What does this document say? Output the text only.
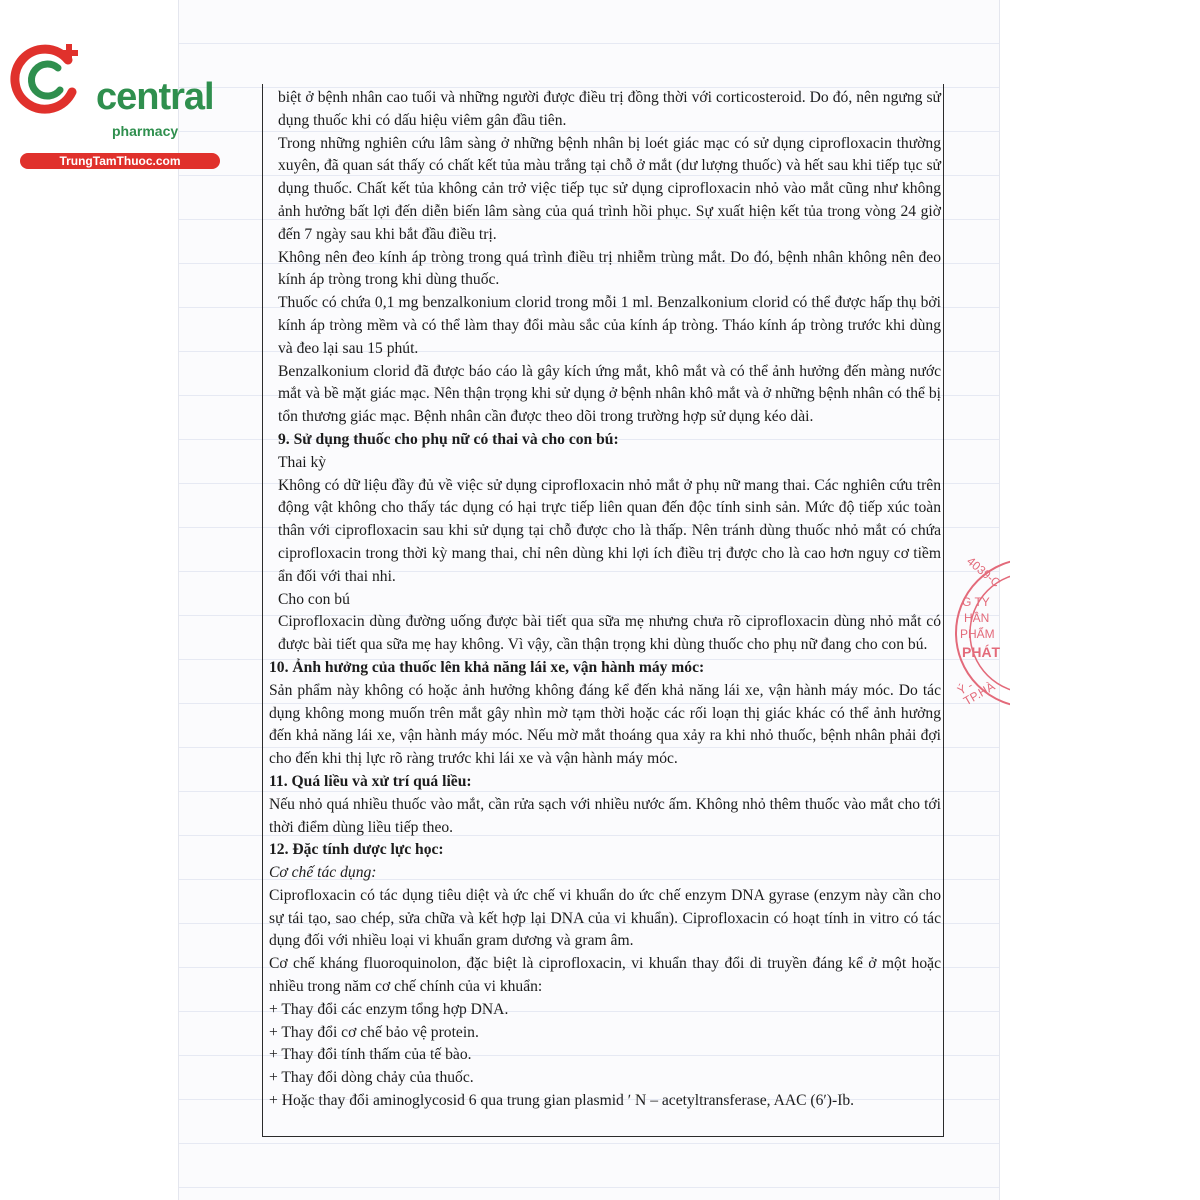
central
pharmacy
TrungTamThuoc.com
4039-C
G TY
HẦN
PHẨM
PHÁT
Ý - TP.HÀ

biệt ở bệnh nhân cao tuổi và những người được điều trị đồng thời với corticosteroid. Do đó, nên ngưng sử dụng thuốc khi có dấu hiệu viêm gân đầu tiên.

Trong những nghiên cứu lâm sàng ở những bệnh nhân bị loét giác mạc có sử dụng ciprofloxacin thường xuyên, đã quan sát thấy có chất kết tủa màu trắng tại chỗ ở mắt (dư lượng thuốc) và hết sau khi tiếp tục sử dụng thuốc. Chất kết tủa không cản trở việc tiếp tục sử dụng ciprofloxacin nhỏ vào mắt cũng như không ảnh hưởng bất lợi đến diễn biến lâm sàng của quá trình hồi phục. Sự xuất hiện kết tủa trong vòng 24 giờ đến 7 ngày sau khi bắt đầu điều trị.

Không nên đeo kính áp tròng trong quá trình điều trị nhiễm trùng mắt. Do đó, bệnh nhân không nên đeo kính áp tròng trong khi dùng thuốc.

Thuốc có chứa 0,1 mg benzalkonium clorid trong mỗi 1 ml. Benzalkonium clorid có thể được hấp thụ bởi kính áp tròng mềm và có thể làm thay đổi màu sắc của kính áp tròng. Tháo kính áp tròng trước khi dùng và đeo lại sau 15 phút.

Benzalkonium clorid đã được báo cáo là gây kích ứng mắt, khô mắt và có thể ảnh hưởng đến màng nước mắt và bề mặt giác mạc. Nên thận trọng khi sử dụng ở bệnh nhân khô mắt và ở những bệnh nhân có thể bị tổn thương giác mạc. Bệnh nhân cần được theo dõi trong trường hợp sử dụng kéo dài.

9. Sử dụng thuốc cho phụ nữ có thai và cho con bú:

Thai kỳ

Không có dữ liệu đầy đủ về việc sử dụng ciprofloxacin nhỏ mắt ở phụ nữ mang thai. Các nghiên cứu trên động vật không cho thấy tác dụng có hại trực tiếp liên quan đến độc tính sinh sản. Mức độ tiếp xúc toàn thân với ciprofloxacin sau khi sử dụng tại chỗ được cho là thấp. Nên tránh dùng thuốc nhỏ mắt có chứa ciprofloxacin trong thời kỳ mang thai, chỉ nên dùng khi lợi ích điều trị được cho là cao hơn nguy cơ tiềm ẩn đối với thai nhi.

Cho con bú

Ciprofloxacin dùng đường uống được bài tiết qua sữa mẹ nhưng chưa rõ ciprofloxacin dùng nhỏ mắt có được bài tiết qua sữa mẹ hay không. Vì vậy, cần thận trọng khi dùng thuốc cho phụ nữ đang cho con bú.

10. Ảnh hưởng của thuốc lên khả năng lái xe, vận hành máy móc:

Sản phẩm này không có hoặc ảnh hưởng không đáng kể đến khả năng lái xe, vận hành máy móc. Do tác dụng không mong muốn trên mắt gây nhìn mờ tạm thời hoặc các rối loạn thị giác khác có thể ảnh hưởng đến khả năng lái xe, vận hành máy móc. Nếu mờ mắt thoáng qua xảy ra khi nhỏ thuốc, bệnh nhân phải đợi cho đến khi thị lực rõ ràng trước khi lái xe và vận hành máy móc.

11. Quá liều và xử trí quá liều:

Nếu nhỏ quá nhiều thuốc vào mắt, cần rửa sạch với nhiều nước ấm. Không nhỏ thêm thuốc vào mắt cho tới thời điểm dùng liều tiếp theo.

12. Đặc tính dược lực học:

Cơ chế tác dụng:

Ciprofloxacin có tác dụng tiêu diệt và ức chế vi khuẩn do ức chế enzym DNA gyrase (enzym này cần cho sự tái tạo, sao chép, sửa chữa và kết hợp lại DNA của vi khuẩn). Ciprofloxacin có hoạt tính in vitro có tác dụng đối với nhiều loại vi khuẩn gram dương và gram âm.

Cơ chế kháng fluoroquinolon, đặc biệt là ciprofloxacin, vi khuẩn thay đổi di truyền đáng kể ở một hoặc nhiều trong năm cơ chế chính của vi khuẩn:

+ Thay đổi các enzym tổng hợp DNA.

+ Thay đổi cơ chế bảo vệ protein.

+ Thay đổi tính thấm của tế bào.

+ Thay đổi dòng chảy của thuốc.

+ Hoặc thay đổi aminoglycosid 6 qua trung gian plasmid ʹ N – acetyltransferase, AAC (6ʹ)-Ib.
